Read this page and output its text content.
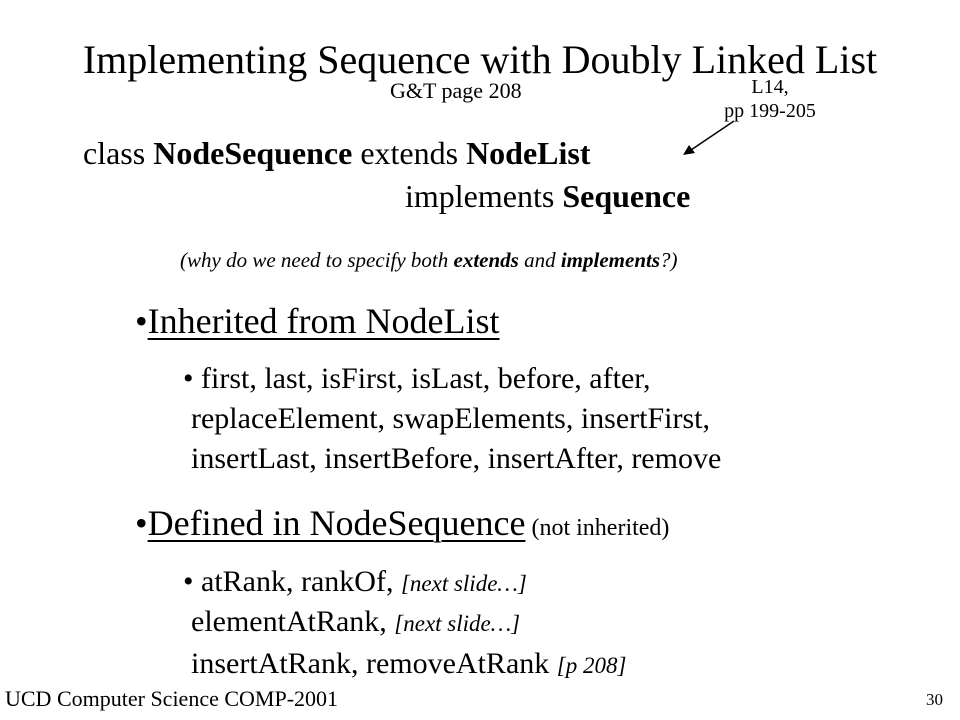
Implementing Sequence with Doubly Linked List
G&T page 208	L14,
pp 199-205
class NodeSequence extends NodeList
implements Sequence
(why do we need to specify both extends and implements?)
•Inherited from NodeList
• first, last, isFirst, isLast, before, after,
replaceElement, swapElements, insertFirst,
insertLast, insertBefore, insertAfter, remove
•Defined in NodeSequence (not inherited)
• atRank, rankOf, [next slide…]
elementAtRank, [next slide…]
insertAtRank, removeAtRank [p 208]
UCD Computer Science COMP-2001	30
